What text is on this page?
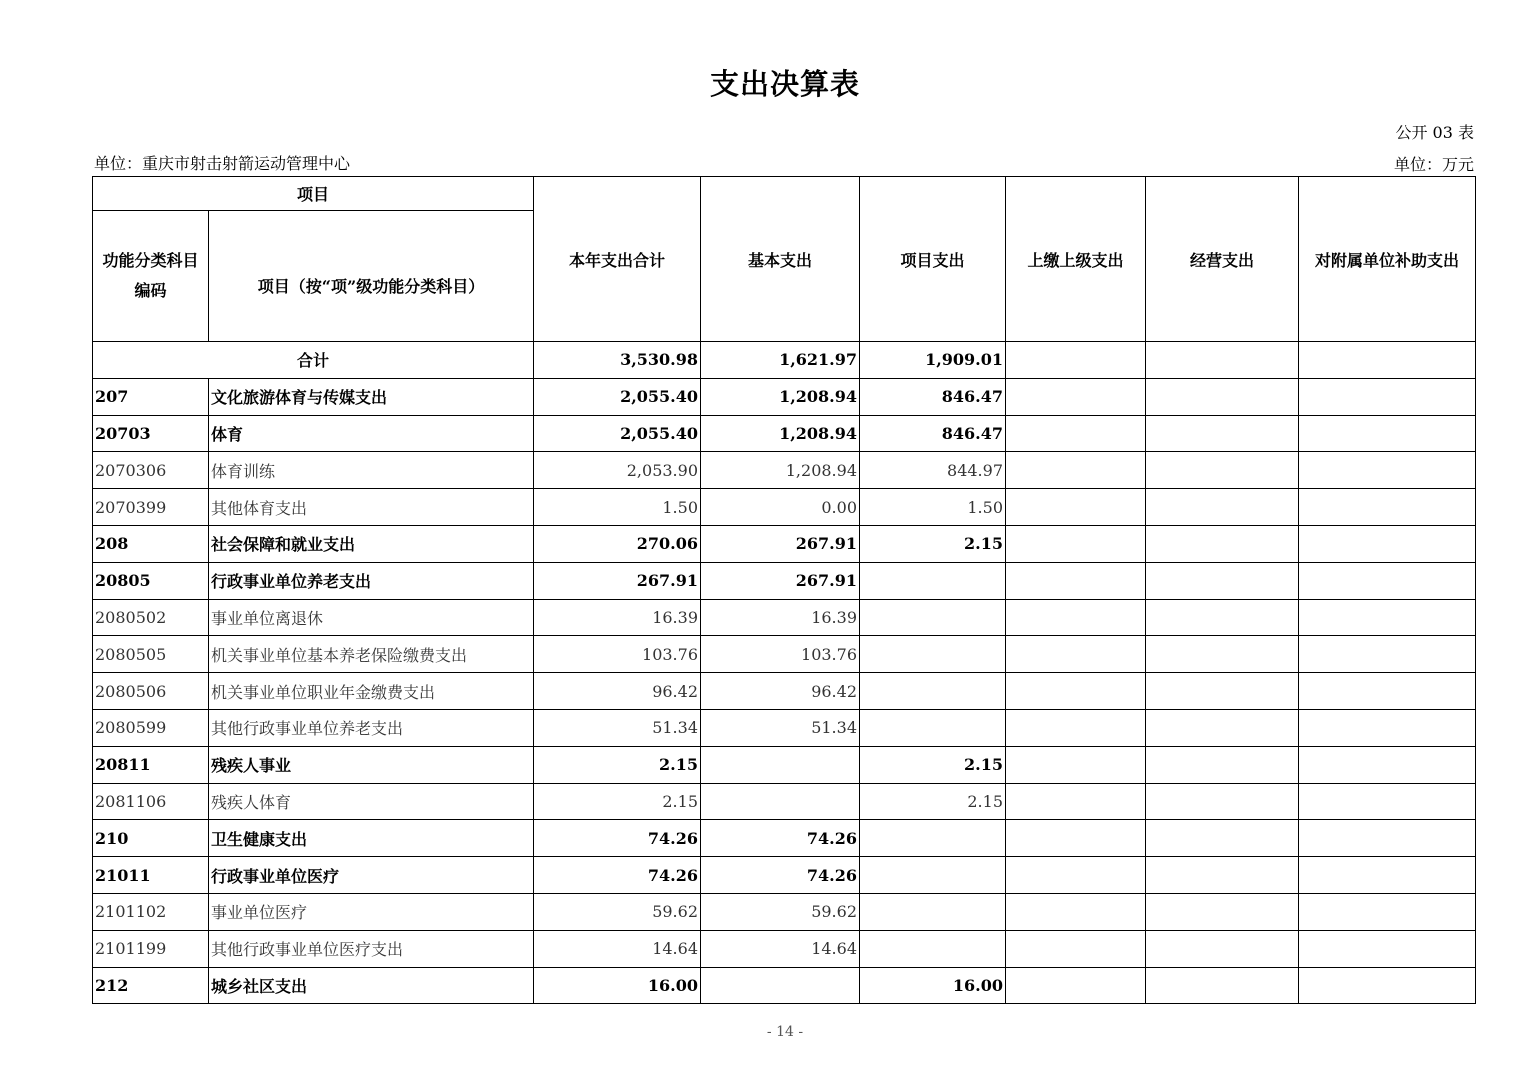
支出决算表
公开 03 表
单位：重庆市射击射箭运动管理中心	单位：万元
项目		本年支出合计	基本支出	项目支出	上缴上级支出	经营支出	对附属单位补助支出
功能分类科目编码	项目（按“项”级功能分类科目）						
合计		3,530.98	1,621.97	1,909.01			
207	文化旅游体育与传媒支出	2,055.40	1,208.94	846.47			
20703	体育	2,055.40	1,208.94	846.47			
2070306	体育训练	2,053.90	1,208.94	844.97			
2070399	其他体育支出	1.50	0.00	1.50			
208	社会保障和就业支出	270.06	267.91	2.15			
20805	行政事业单位养老支出	267.91	267.91				
2080502	事业单位离退休	16.39	16.39				
2080505	机关事业单位基本养老保险缴费支出	103.76	103.76				
2080506	机关事业单位职业年金缴费支出	96.42	96.42				
2080599	其他行政事业单位养老支出	51.34	51.34				
20811	残疾人事业	2.15		2.15			
2081106	残疾人体育	2.15		2.15			
210	卫生健康支出	74.26	74.26				
21011	行政事业单位医疗	74.26	74.26				
2101102	事业单位医疗	59.62	59.62				
2101199	其他行政事业单位医疗支出	14.64	14.64				
212	城乡社区支出	16.00		16.00			
- 14 -
